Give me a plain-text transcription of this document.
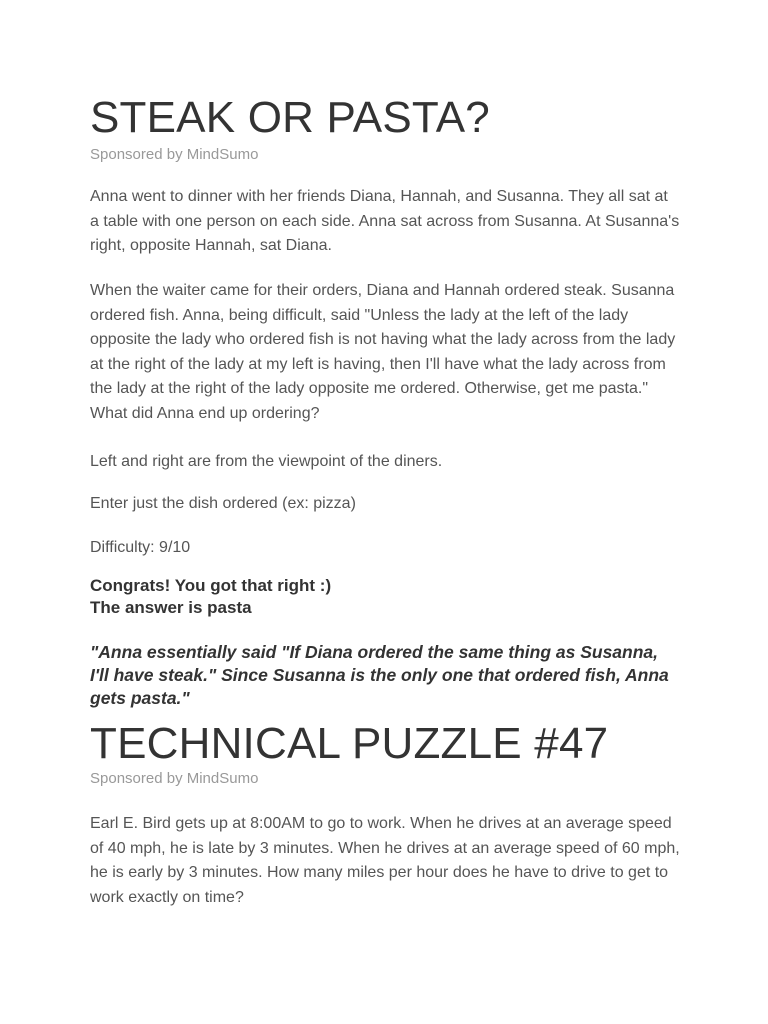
STEAK OR PASTA?

Sponsored by MindSumo

Anna went to dinner with her friends Diana, Hannah, and Susanna. They all sat at a table with one person on each side. Anna sat across from Susanna. At Susanna's right, opposite Hannah, sat Diana.

When the waiter came for their orders, Diana and Hannah ordered steak. Susanna ordered fish. Anna, being difficult, said "Unless the lady at the left of the lady opposite the lady who ordered fish is not having what the lady across from the lady at the right of the lady at my left is having, then I'll have what the lady across from the lady at the right of the lady opposite me ordered. Otherwise, get me pasta." What did Anna end up ordering?

Left and right are from the viewpoint of the diners.

Enter just the dish ordered (ex: pizza)

Difficulty: 9/10

Congrats! You got that right :)
The answer is pasta

"Anna essentially said "If Diana ordered the same thing as Susanna, I'll have steak." Since Susanna is the only one that ordered fish, Anna gets pasta."

TECHNICAL PUZZLE #47

Sponsored by MindSumo

Earl E. Bird gets up at 8:00AM to go to work. When he drives at an average speed of 40 mph, he is late by 3 minutes. When he drives at an average speed of 60 mph, he is early by 3 minutes. How many miles per hour does he have to drive to get to work exactly on time?
